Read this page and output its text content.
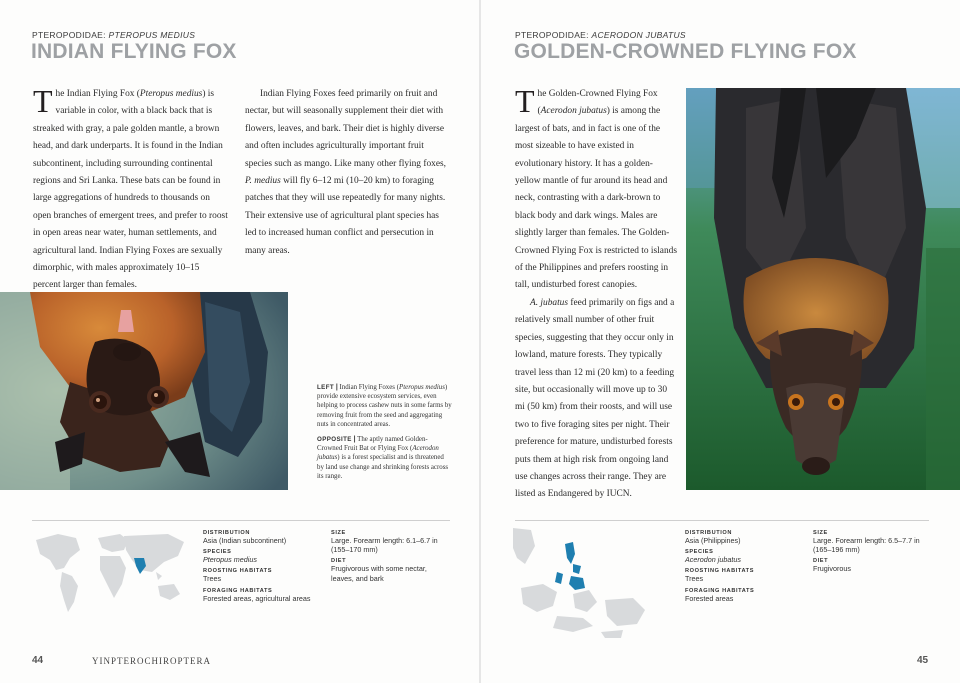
PTEROPODIDAE: PTEROPUS MEDIUS
INDIAN FLYING FOX

The Indian Flying Fox (Pteropus medius) is variable in color, with a black back that is streaked with gray, a pale golden mantle, a brown head, and dark underparts. It is found in the Indian subcontinent, including surrounding continental regions and Sri Lanka. These bats can be found in large aggregations of hundreds to thousands on open branches of emergent trees, and prefer to roost in open areas near water, human settlements, and agricultural land. Indian Flying Foxes are sexually dimorphic, with males approximately 10–15 percent larger than females.

Indian Flying Foxes feed primarily on fruit and nectar, but will seasonally supplement their diet with flowers, leaves, and bark. Their diet is highly diverse and often includes agriculturally important fruit species such as mango. Like many other flying foxes, P. medius will fly 6–12 mi (10–20 km) to foraging patches that they will use repeatedly for many nights. Their extensive use of agricultural plant species has led to increased human conflict and persecution in many areas.

LEFT | Indian Flying Foxes (Pteropus medius) provide extensive ecosystem services, even helping to process cashew nuts in some farms by removing fruit from the seed and aggregating nuts in concentrated areas.

OPPOSITE | The aptly named Golden-Crowned Fruit Bat or Flying Fox (Acerodon jubatus) is a forest specialist and is threatened by land use change and shrinking forests across its range.

DISTRIBUTION
Asia (Indian subcontinent)
SPECIES
Pteropus medius
ROOSTING HABITATS
Trees
FORAGING HABITATS
Forested areas, agricultural areas
SIZE
Large. Forearm length: 6.1–6.7 in (155–170 mm)
DIET
Frugivorous with some nectar, leaves, and bark
44	YINPTEROCHIROPTERA
PTEROPODIDAE: ACERODON JUBATUS
GOLDEN-CROWNED FLYING FOX

The Golden-Crowned Flying Fox (Acerodon jubatus) is among the largest of bats, and in fact is one of the most sizeable to have existed in evolutionary history. It has a golden-yellow mantle of fur around its head and neck, contrasting with a dark-brown to black body and dark wings. Males are slightly larger than females. The Golden-Crowned Flying Fox is restricted to islands of the Philippines and prefers roosting in tall, undisturbed forest canopies.

A. jubatus feed primarily on figs and a relatively small number of other fruit species, suggesting that they occur only in lowland, mature forests. They typically travel less than 12 mi (20 km) to a feeding site, but occasionally will move up to 30 mi (50 km) from their roosts, and will use two to five foraging sites per night. Their preference for mature, undisturbed forests puts them at high risk from ongoing land use changes across their range. They are listed as Endangered by IUCN.

DISTRIBUTION
Asia (Philippines)
SPECIES
Acerodon jubatus
ROOSTING HABITATS
Trees
FORAGING HABITATS
Forested areas
SIZE
Large. Forearm length: 6.5–7.7 in (165–196 mm)
DIET
Frugivorous
45
